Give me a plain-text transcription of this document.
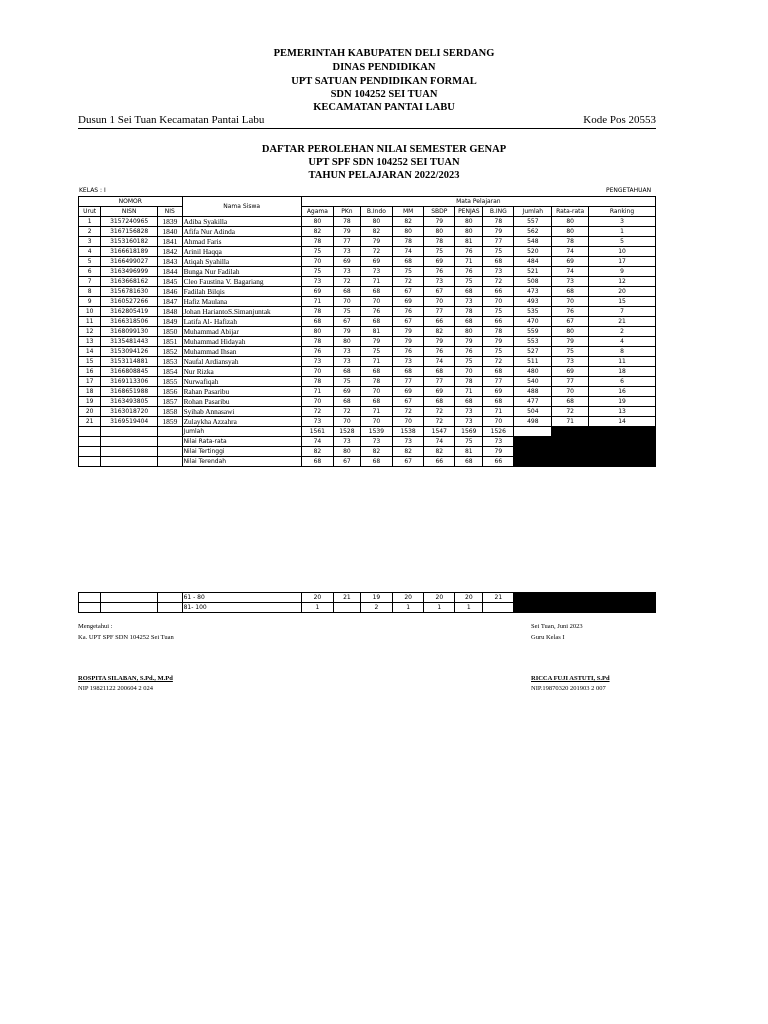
PEMERINTAH KABUPATEN DELI SERDANG
DINAS PENDIDIKAN
UPT SATUAN PENDIDIKAN FORMAL
SDN 104252 SEI TUAN
KECAMATAN PANTAI LABU
Dusun 1 Sei Tuan Kecamatan Pantai Labu	Kode Pos 20553
DAFTAR PEROLEHAN NILAI SEMESTER GENAP
UPT SPF SDN 104252 SEI TUAN
TAHUN PELAJARAN 2022/2023
KELAS : I	PENGETAHUAN
NOMOR			Nama Siswa	Mata Pelajaran									
Urut	NISN	NIS		Agama	PKn	B.Indo	MM	SBDP	PENJAS	B.ING	Jumlah	Rata-rata	Ranking
1	3157240965	1839	Adiba Syakilla	80	78	80	82	79	80	78	557	80	3
2	3167156828	1840	Afifa Nur Adinda	82	79	82	80	80	80	79	562	80	1
3	3153160182	1841	Ahmad Faris	78	77	79	78	78	81	77	548	78	5
4	3166618189	1842	Arinil Haqqa	75	73	72	74	75	76	75	520	74	10
5	3166499027	1843	Atiqah Syahilla	70	69	69	68	69	71	68	484	69	17
6	3163496999	1844	Bunga Nur Fadilah	75	73	73	75	76	76	73	521	74	9
7	3163668162	1845	Cleo Faustina V. Bagariang	73	72	71	72	73	75	72	508	73	12
8	3156781630	1846	Fadilah Bilqis	69	68	68	67	67	68	66	473	68	20
9	3160527266	1847	Hafiz Maulana	71	70	70	69	70	73	70	493	70	15
10	3162805419	1848	Johan HariantoS.Simanjuntak	78	75	76	76	77	78	75	535	76	7
11	3166318506	1849	Latifa Al- Hafizah	68	67	68	67	66	68	66	470	67	21
12	3168099130	1850	Muhammad Abijar	80	79	81	79	82	80	78	559	80	2
13	3135481443	1851	Muhammad Hidayah	78	80	79	79	79	79	79	553	79	4
14	3153094126	1852	Muhammad Ihsan	76	73	75	76	76	76	75	527	75	8
15	3153114881	1853	Naufal Ardiansyah	73	73	71	73	74	75	72	511	73	11
16	3166808845	1854	Nur Rizka	70	68	68	68	68	70	68	480	69	18
17	3169113306	1855	Nurwafiqah	78	75	78	77	77	78	77	540	77	6
18	3168651988	1856	Rahan Pasaribu	71	69	70	69	69	71	69	488	70	16
19	3163493805	1857	Rohan Pasaribu	70	68	68	67	68	68	68	477	68	19
20	3163018720	1858	Syihab Annasawi	72	72	71	72	72	73	71	504	72	13
21	3169519404	1859	Zulaykha Azzahra	73	70	70	70	72	73	70	498	71	14
			Jumlah	1561	1528	1539	1538	1547	1569	1526			
			Nilai Rata-rata	74	73	73	73	74	75	73			
			Nilai Tertinggi	82	80	82	82	82	81	79			
			Nilai Terendah	68	67	68	67	66	68	66			
			61 - 80	20	21	19	20	20	20	21	
			81- 100	1		2	1	1	1		
Mengetahui :
Ka. UPT SPF SDN 104252 Sei Tuan
ROSPITA SILABAN, S.Pd., M.Pd
NIP 19821122 200604 2 024
Sei Tuan, Juni 2023
Guru Kelas I
RICCA FUJI ASTUTI, S.Pd
NIP.19870320 201903 2 007
